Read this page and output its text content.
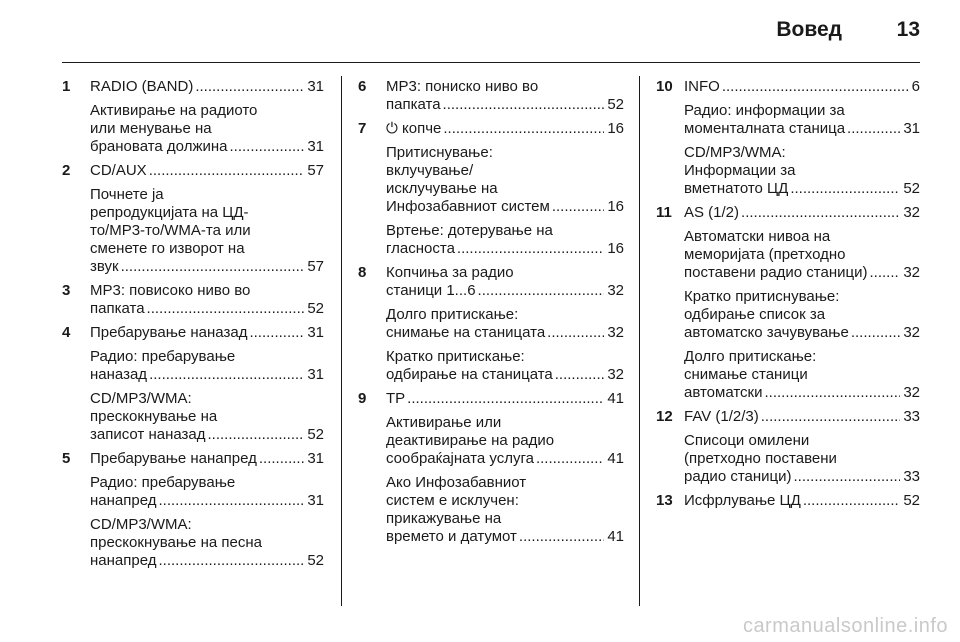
Вовед	13
1	RADIO (BAND) .....	31
Активирање на радиото
или менување на
брановата должина .....	31
2	CD/AUX .....	57
Почнете ја
репродукцијата на ЦД-
то/MP3-то/WMA-та или
сменете го изворот на
звук .....	57
3	MP3: повисоко ниво во
папката .....	52
4	Пребарување наназад .....	31
Радио: пребарување
наназад .....	31
CD/MP3/WMA:
прескокнување на
записот наназад .....	52
5	Пребарување нанапред .....	31
Радио: пребарување
нанапред .....	31
CD/MP3/WMA:
прескокнување на песна
нанапред .....	52
6	MP3: пониско ниво во
папката .....	52
7	⏻ копче .....	16
Притиснување:
вклучување/
исклучување на
Инфозабавниот систем .....	16
Вртење: дотерување на
гласноста .....	16
8	Копчиња за радио
станици 1...6 .....	32
Долго притискање:
снимање на станицата .....	32
Кратко притискање:
одбирање на станицата .....	32
9	TP .....	41
Активирање или
деактивирање на радио
сообраќајната услуга .....	41
Ако Инфозабавниот
систем е исклучен:
прикажување на
времето и датумот .....	41
10 INFO .....	6
Радио: информации за
моменталната станица .....	31
CD/MP3/WMA:
Информации за
вметнатото ЦД .....	52
11 AS (1/2) .....	32
Автоматски нивоа на
меморијата (претходно
поставени радио станици) ..... 32
Кратко притиснување:
одбирање список за
автоматско зачувување .....	32
Долго притискање:
снимање станици
автоматски .....	32
12 FAV (1/2/3) .....	33
Списоци омилени
(претходно поставени
радио станици) .....	33
13 Исфрлување ЦД .....	52
carmanualsonline.info
